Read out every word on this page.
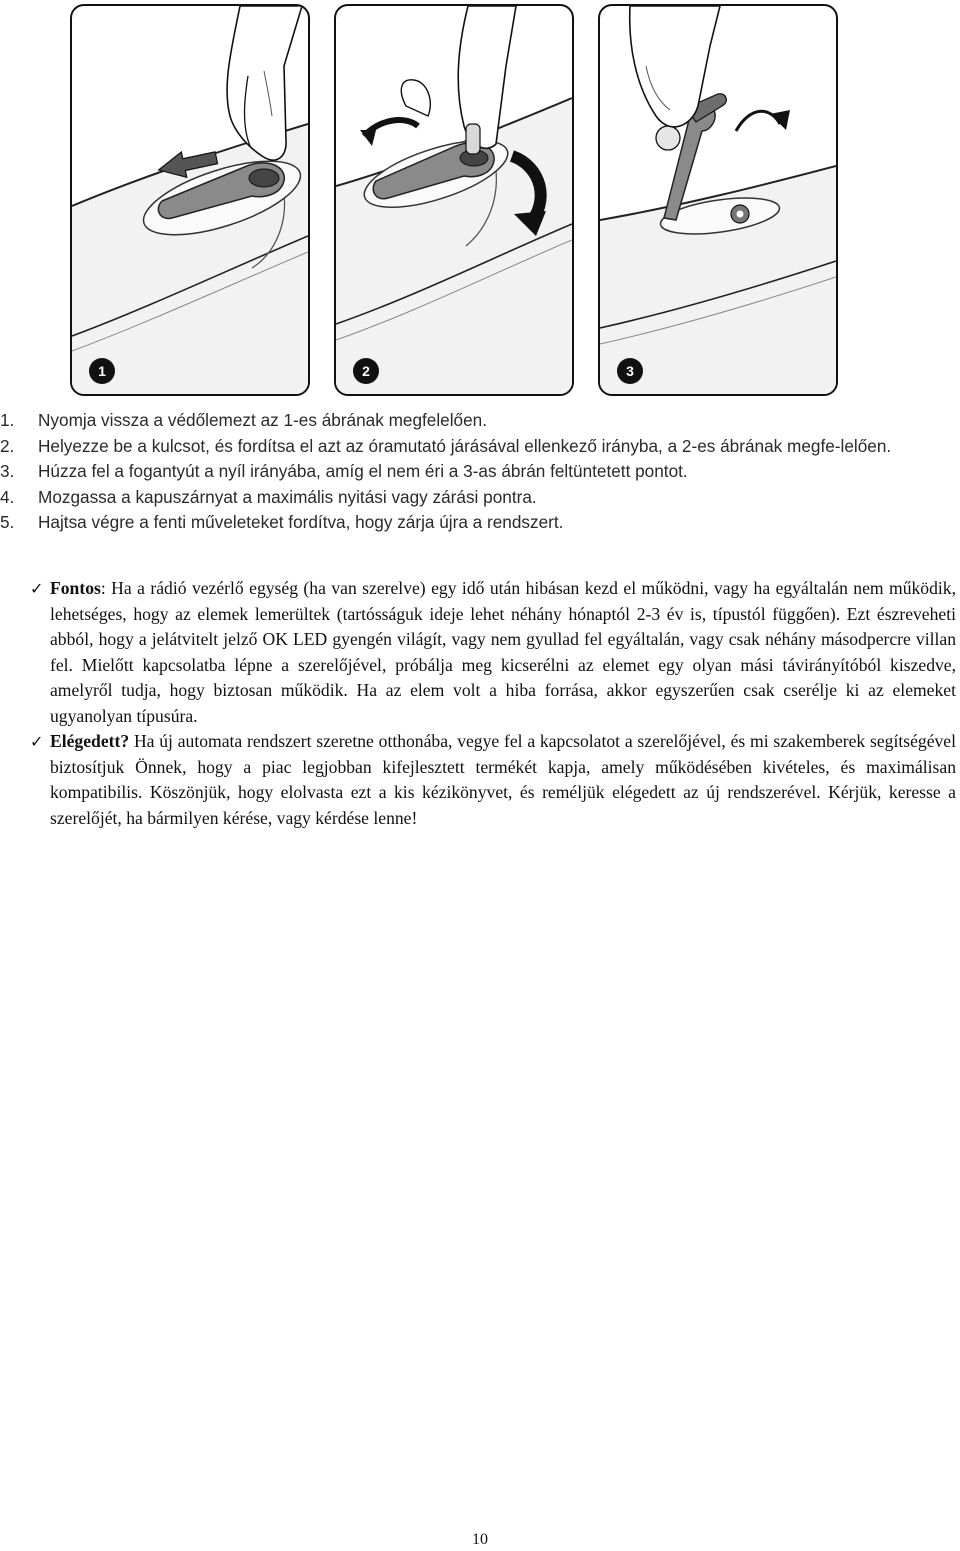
1	2	3
1. Nyomja vissza a védőlemezt az 1-es ábrának megfelelően.
2. Helyezze be a kulcsot, és fordítsa el azt az óramutató járásával ellenkező irányba, a 2-es ábrának megfe-lelően.
3. Húzza fel a fogantyút a nyíl irányába, amíg el nem éri a 3-as ábrán feltüntetett pontot.
4. Mozgassa a kapuszárnyat a maximális nyitási vagy zárási pontra.
5. Hajtsa végre a fenti műveleteket fordítva, hogy zárja újra a rendszert.
✓ Fontos: Ha a rádió vezérlő egység (ha van szerelve) egy idő után hibásan kezd el működni, vagy ha egyáltalán nem működik, lehetséges, hogy az elemek lemerültek (tartósságuk ideje lehet néhány hónaptól 2-3 év is, típustól függően). Ezt észreveheti abból, hogy a jelátvitelt jelző OK LED gyengén világít, vagy nem gyullad fel egyáltalán, vagy csak néhány másodpercre villan fel. Mielőtt kapcsolatba lépne a szerelőjével, próbálja meg kicserélni az elemet egy olyan mási távirányítóból kiszedve, amelyről tudja, hogy biztosan működik. Ha az elem volt a hiba forrása, akkor egyszerűen csak cserélje ki az elemeket ugyanolyan típusúra.
✓ Elégedett? Ha új automata rendszert szeretne otthonába, vegye fel a kapcsolatot a szerelőjével, és mi szakemberek segítségével biztosítjuk Önnek, hogy a piac legjobban kifejlesztett termékét kapja, amely működésében kivételes, és maximálisan kompatibilis. Köszönjük, hogy elolvasta ezt a kis kézikönyvet, és reméljük elégedett az új rendszerével. Kérjük, keresse a szerelőjét, ha bármilyen kérése, vagy kérdése lenne!
10
